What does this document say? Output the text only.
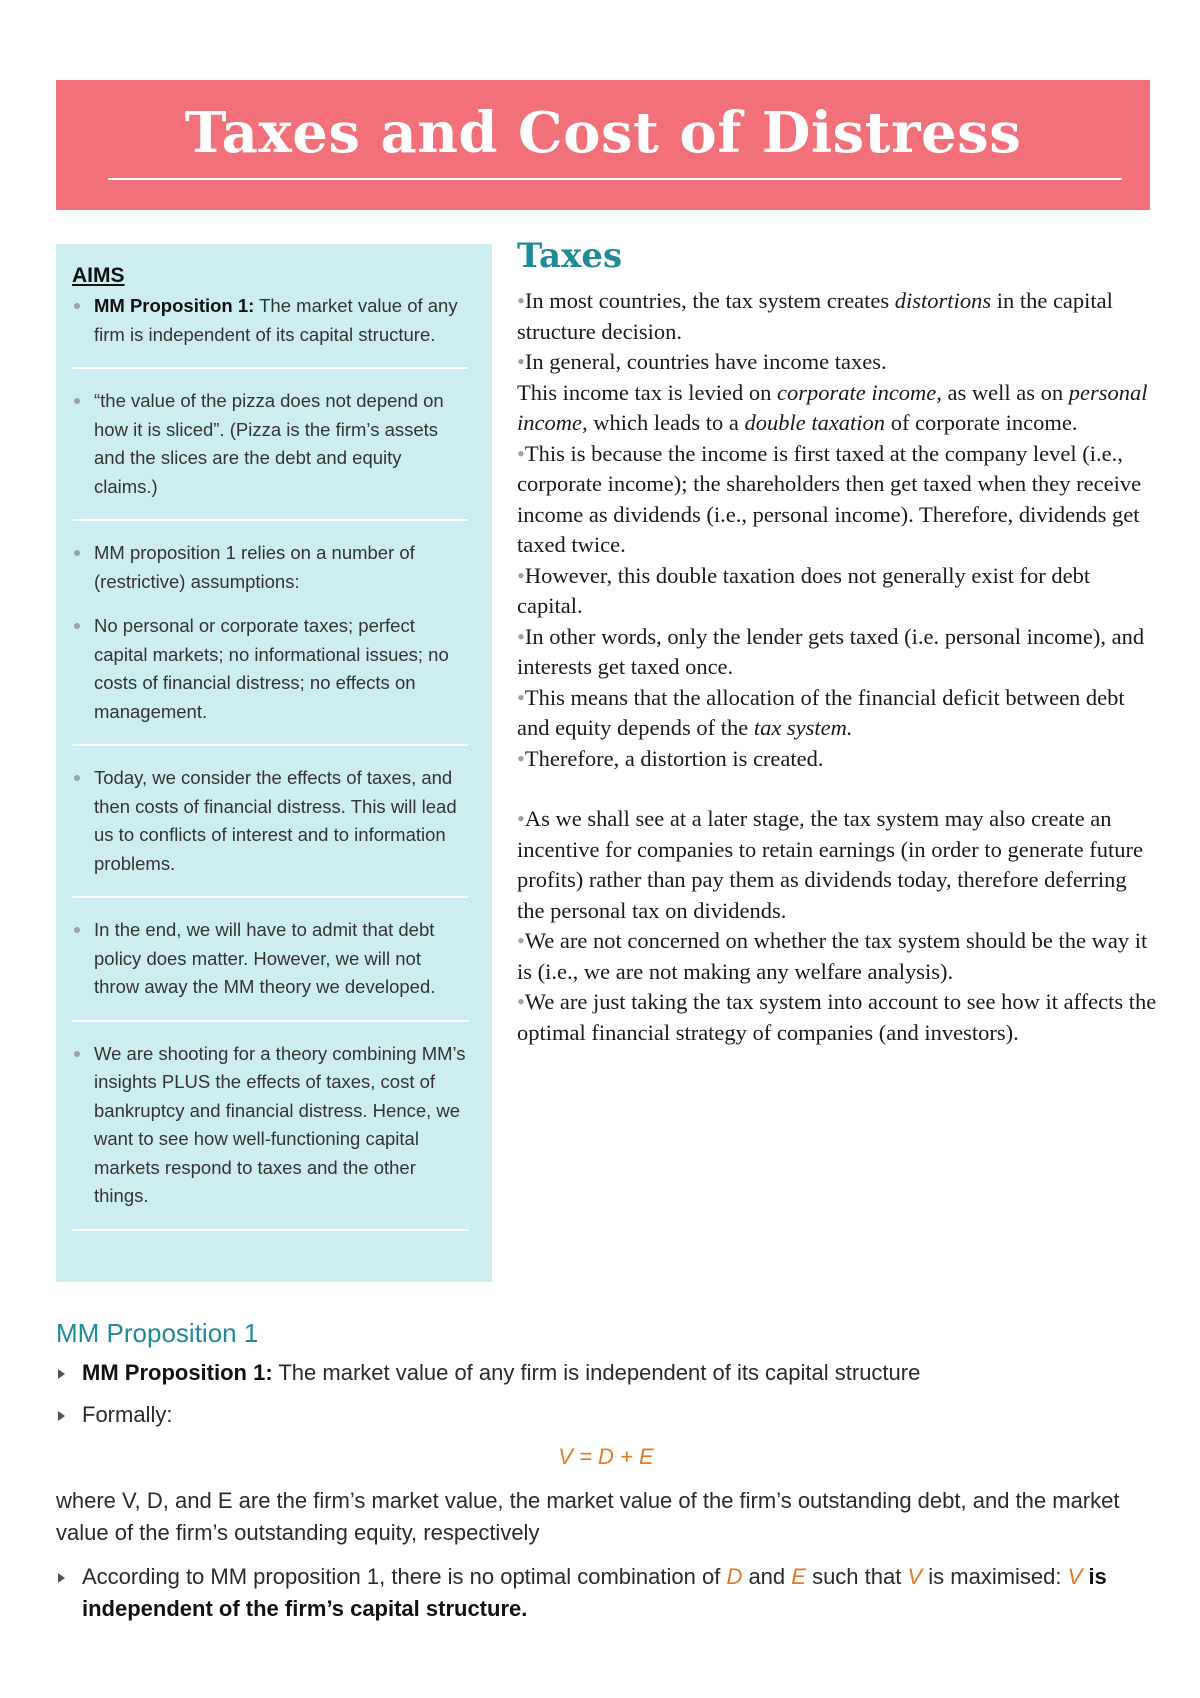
Taxes and Cost of Distress
AIMS
MM Proposition 1: The market value of any firm is independent of its capital structure.
“the value of the pizza does not depend on how it is sliced”. (Pizza is the firm’s assets and the slices are the debt and equity claims.)
MM proposition 1 relies on a number of (restrictive) assumptions:
No personal or corporate taxes; perfect capital markets; no informational issues; no costs of financial distress; no effects on management.
Today, we consider the effects of taxes, and then costs of financial distress. This will lead us to conflicts of interest and to information problems.
In the end, we will have to admit that debt policy does matter. However, we will not throw away the MM theory we developed.
We are shooting for a theory combining MM’s insights PLUS the effects of taxes, cost of bankruptcy and financial distress. Hence, we want to see how well-functioning capital markets respond to taxes and the other things.
Taxes

•In most countries, the tax system creates distortions in the capital structure decision.

•In general, countries have income taxes.

This income tax is levied on corporate income, as well as on personal income, which leads to a double taxation of corporate income.

•This is because the income is first taxed at the company level (i.e., corporate income); the shareholders then get taxed when they receive income as dividends (i.e., personal income). Therefore, dividends get taxed twice.

•However, this double taxation does not generally exist for debt capital.

•In other words, only the lender gets taxed (i.e. personal income), and interests get taxed once.

•This means that the allocation of the financial deficit between debt and equity depends of the tax system.

•Therefore, a distortion is created.

•As we shall see at a later stage, the tax system may also create an incentive for companies to retain earnings (in order to generate future profits) rather than pay them as dividends today, therefore deferring the personal tax on dividends.

•We are not concerned on whether the tax system should be the way it is (i.e., we are not making any welfare analysis).

•We are just taking the tax system into account to see how it affects the optimal financial strategy of companies (and investors).

MM Proposition 1
MM Proposition 1: The market value of any firm is independent of its capital structure
Formally:
V = D + E

where V, D, and E are the firm’s market value, the market value of the firm’s outstanding debt, and the market value of the firm’s outstanding equity, respectively

According to MM proposition 1, there is no optimal combination of D and E such that V is maximised: V is independent of the firm’s capital structure.
